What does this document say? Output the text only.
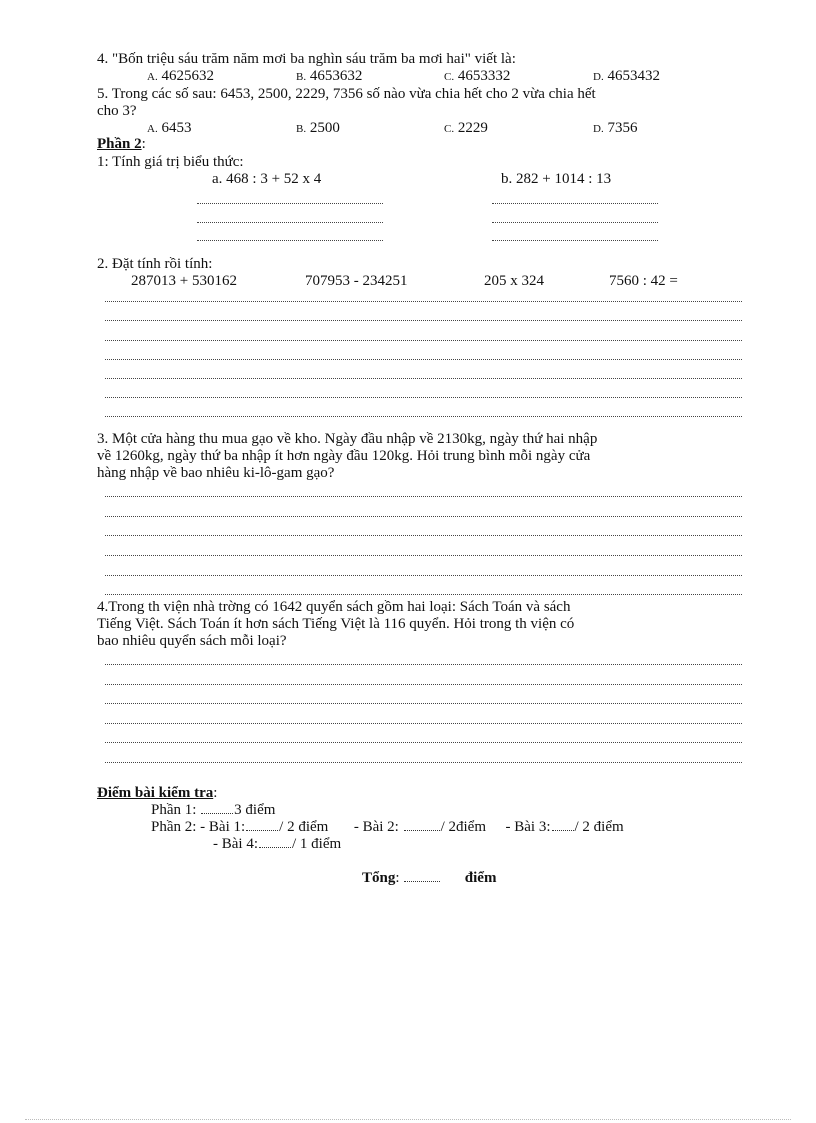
4. "Bốn triệu sáu trăm năm mơi ba nghìn sáu trăm ba mơi hai" viết là:
A. 4625632	B. 4653632	C. 4653332	D. 4653432
5. Trong các số sau: 6453, 2500, 2229, 7356 số nào vừa chia hết cho 2 vừa chia hết
cho 3?
A. 6453	B. 2500	C. 2229	D. 7356
Phần 2:
1: Tính giá trị biểu thức:
a. 468 : 3 + 52 x 4	b. 282 + 1014 : 13
2. Đặt tính rồi tính:
287013 + 530162	707953 - 234251	205 x 324	7560 : 42 =
3. Một cửa hàng thu mua gạo về kho. Ngày đầu nhập về 2130kg, ngày thứ hai nhập
về 1260kg, ngày thứ ba nhập ít hơn ngày đầu 120kg. Hỏi trung bình mỗi ngày cửa
hàng nhập về bao nhiêu ki-lô-gam gạo?
4.Trong th viện nhà trờng có 1642 quyển sách gồm hai loại: Sách Toán và sách
Tiếng Việt. Sách Toán ít hơn sách Tiếng Việt là 116 quyển. Hỏi trong th viện có
bao nhiêu quyển sách mỗi loại?
Điểm bài kiểm tra:
Phần 1:	3 điểm
Phần 2: - Bài 1: / 2 điểm - Bài 2:	/ 2điểm - Bài 3: / 2 điểm
- Bài 4: / 1 điểm
Tổng:	điểm
